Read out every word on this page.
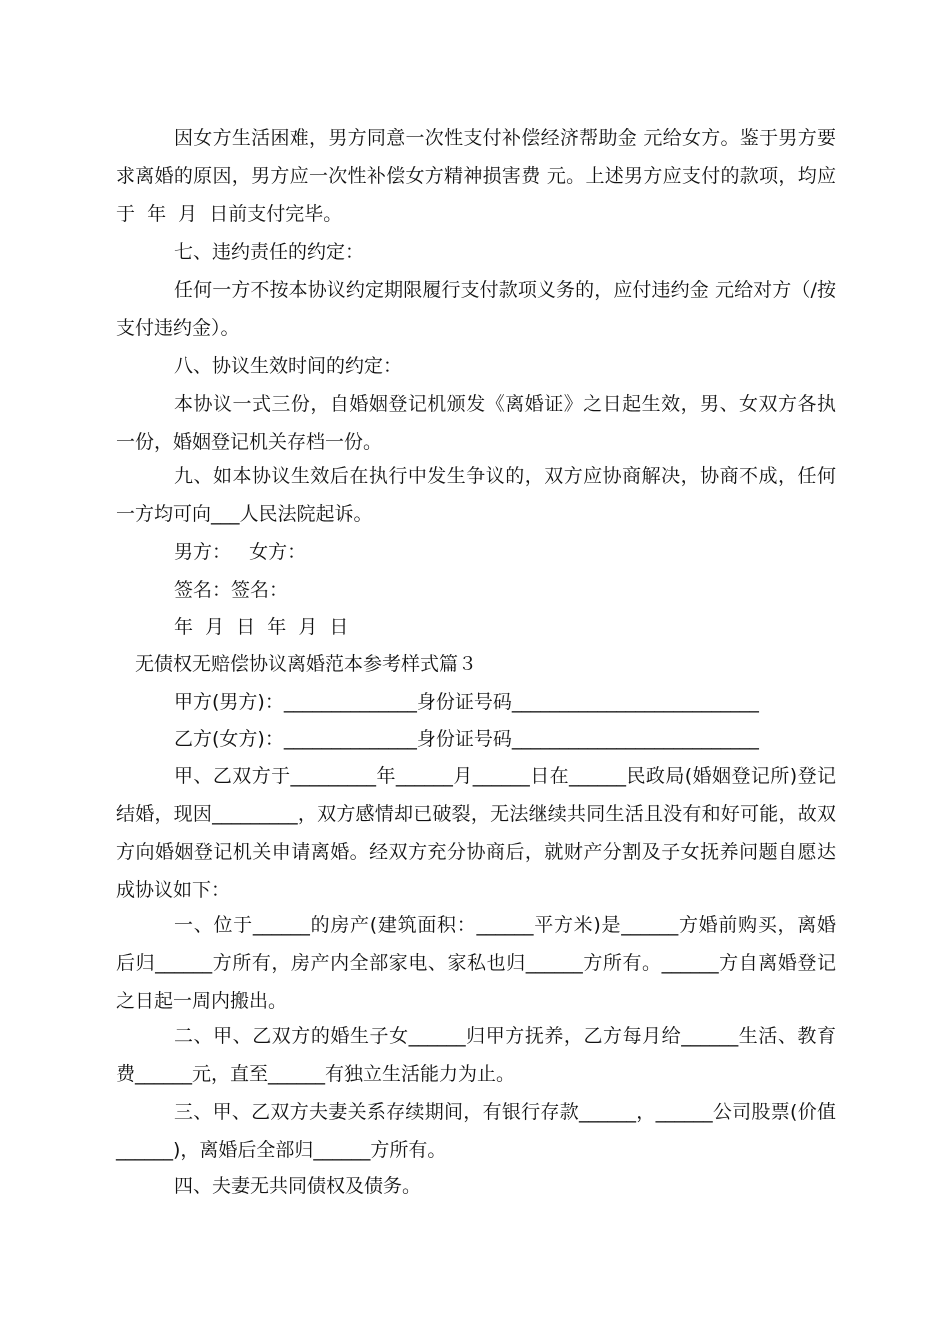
因女方生活困难，男方同意一次性支付补偿经济帮助金 元给女方。鉴于男方要
求离婚的原因，男方应一次性补偿女方精神损害费 元。上述男方应支付的款项，均应
于  年  月  日前支付完毕。
七、违约责任的约定：
任何一方不按本协议约定期限履行支付款项义务的，应付违约金 元给对方（/按
支付违约金）。
八、协议生效时间的约定：
本协议一式三份，自婚姻登记机颁发《离婚证》之日起生效，男、女双方各执
一份，婚姻登记机关存档一份。
九、如本协议生效后在执行中发生争议的，双方应协商解决，协商不成，任何
一方均可向___人民法院起诉。
男方：   女方：
签名：签名：
年  月  日  年  月  日
无债权无赔偿协议离婚范本参考样式篇３
甲方(男方)：______________身份证号码__________________________
乙方(女方)：______________身份证号码__________________________
甲、乙双方于_________年______月______日在______民政局(婚姻登记所)登记
结婚，现因_________，双方感情却已破裂，无法继续共同生活且没有和好可能，故双
方向婚姻登记机关申请离婚。经双方充分协商后，就财产分割及子女抚养问题自愿达
成协议如下：
一、位于______的房产(建筑面积：______平方米)是______方婚前购买，离婚
后归______方所有，房产内全部家电、家私也归______方所有。______方自离婚登记
之日起一周内搬出。
二、甲、乙双方的婚生子女______归甲方抚养，乙方每月给______生活、教育
费______元，直至______有独立生活能力为止。
三、甲、乙双方夫妻关系存续期间，有银行存款______，______公司股票(价值
______)，离婚后全部归______方所有。
四、夫妻无共同债权及债务。
